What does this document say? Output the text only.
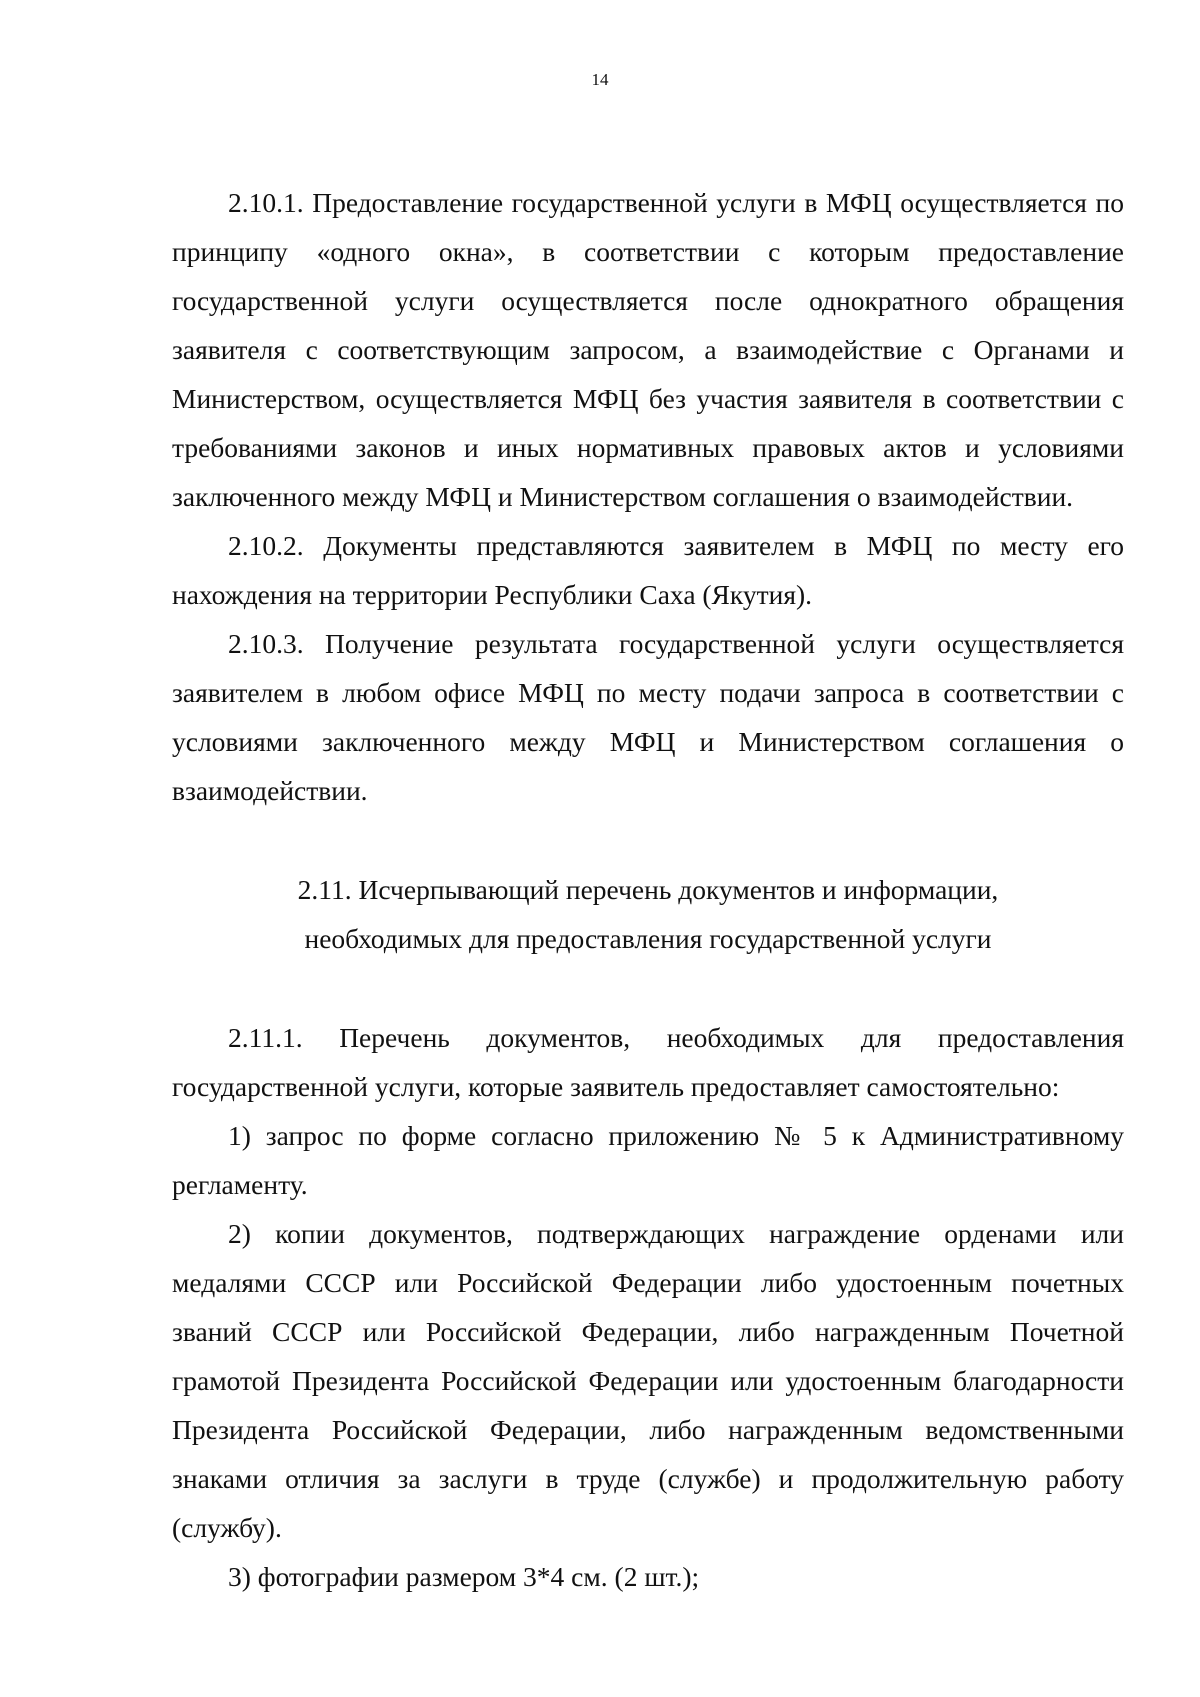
14

2.10.1. Предоставление государственной услуги в МФЦ осуществляется по принципу «одного окна», в соответствии с которым предоставление государственной услуги осуществляется после однократного обращения заявителя с соответствующим запросом, а взаимодействие с Органами и Министерством, осуществляется МФЦ без участия заявителя в соответствии с требованиями законов и иных нормативных правовых актов и условиями заключенного между МФЦ и Министерством соглашения о взаимодействии.

2.10.2. Документы представляются заявителем в МФЦ по месту его нахождения на территории Республики Саха (Якутия).

2.10.3. Получение результата государственной услуги осуществляется заявителем в любом офисе МФЦ по месту подачи запроса в соответствии с условиями заключенного между МФЦ и Министерством соглашения о взаимодействии.

2.11. Исчерпывающий перечень документов и информации,
необходимых для предоставления государственной услуги

2.11.1. Перечень документов, необходимых для предоставления государственной услуги, которые заявитель предоставляет самостоятельно:

1) запрос по форме согласно приложению № 5 к Административному регламенту.

2) копии документов, подтверждающих награждение орденами или медалями СССР или Российской Федерации либо удостоенным почетных званий СССР или Российской Федерации, либо награжденным Почетной грамотой Президента Российской Федерации или удостоенным благодарности Президента Российской Федерации, либо награжденным ведомственными знаками отличия за заслуги в труде (службе) и продолжительную работу (службу).

3) фотографии размером 3*4 см. (2 шт.);
